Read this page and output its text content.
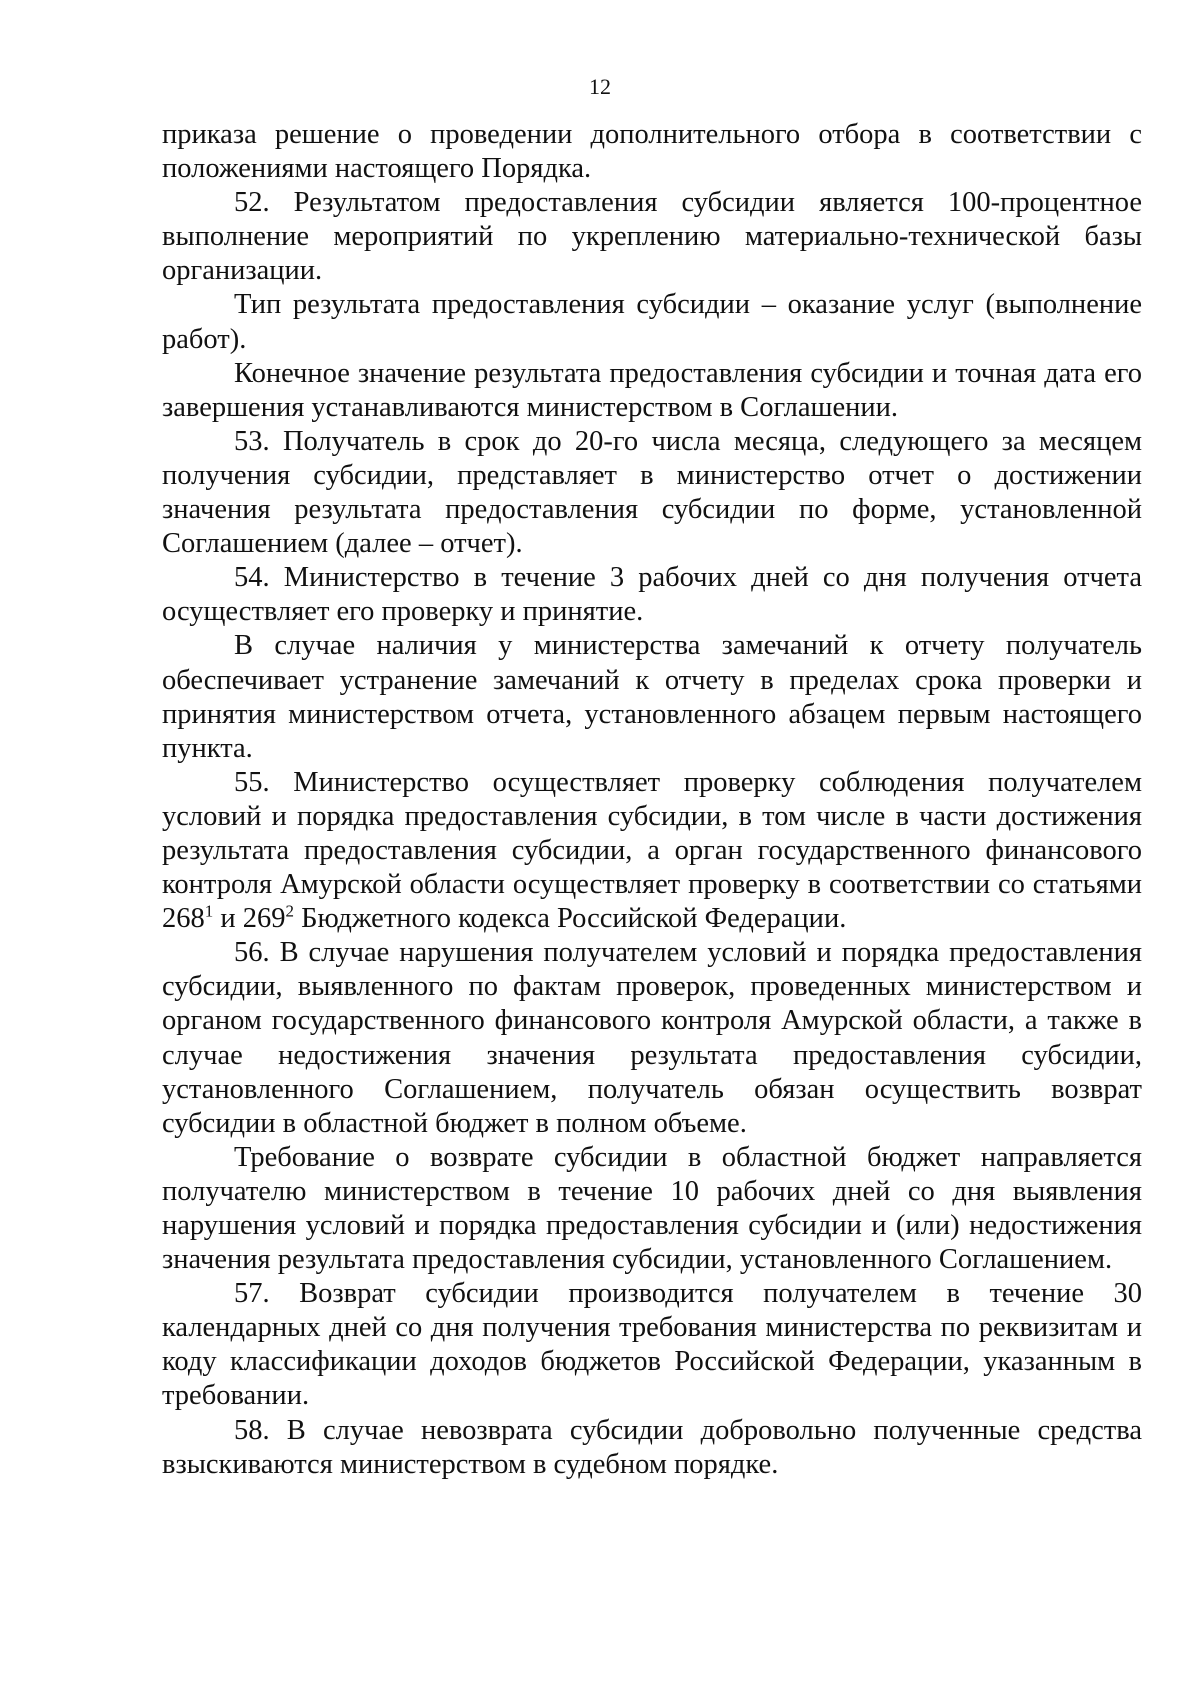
12

приказа решение о проведении дополнительного отбора в соответствии с положениями настоящего Порядка.

52. Результатом предоставления субсидии является 100-процентное выполнение мероприятий по укреплению материально-технической базы организации.

Тип результата предоставления субсидии – оказание услуг (выполнение работ).

Конечное значение результата предоставления субсидии и точная дата его завершения устанавливаются министерством в Соглашении.

53. Получатель в срок до 20-го числа месяца, следующего за месяцем получения субсидии, представляет в министерство отчет о достижении значения результата предоставления субсидии по форме, установленной Соглашением (далее – отчет).

54. Министерство в течение 3 рабочих дней со дня получения отчета осуществляет его проверку и принятие.

В случае наличия у министерства замечаний к отчету получатель обеспечивает устранение замечаний к отчету в пределах срока проверки и принятия министерством отчета, установленного абзацем первым настоящего пункта.

55. Министерство осуществляет проверку соблюдения получателем условий и порядка предоставления субсидии, в том числе в части достижения результата предоставления субсидии, а орган государственного финансового контроля Амурской области осуществляет проверку в соответствии со статьями $268^1$ и $269^2$ Бюджетного кодекса Российской Федерации.

56. В случае нарушения получателем условий и порядка предоставления субсидии, выявленного по фактам проверок, проведенных министерством и органом государственного финансового контроля Амурской области, а также в случае недостижения значения результата предоставления субсидии, установленного Соглашением, получатель обязан осуществить возврат субсидии в областной бюджет в полном объеме.

Требование о возврате субсидии в областной бюджет направляется получателю министерством в течение 10 рабочих дней со дня выявления нарушения условий и порядка предоставления субсидии и (или) недостижения значения результата предоставления субсидии, установленного Соглашением.

57. Возврат субсидии производится получателем в течение 30 календарных дней со дня получения требования министерства по реквизитам и коду классификации доходов бюджетов Российской Федерации, указанным в требовании.

58. В случае невозврата субсидии добровольно полученные средства взыскиваются министерством в судебном порядке.
